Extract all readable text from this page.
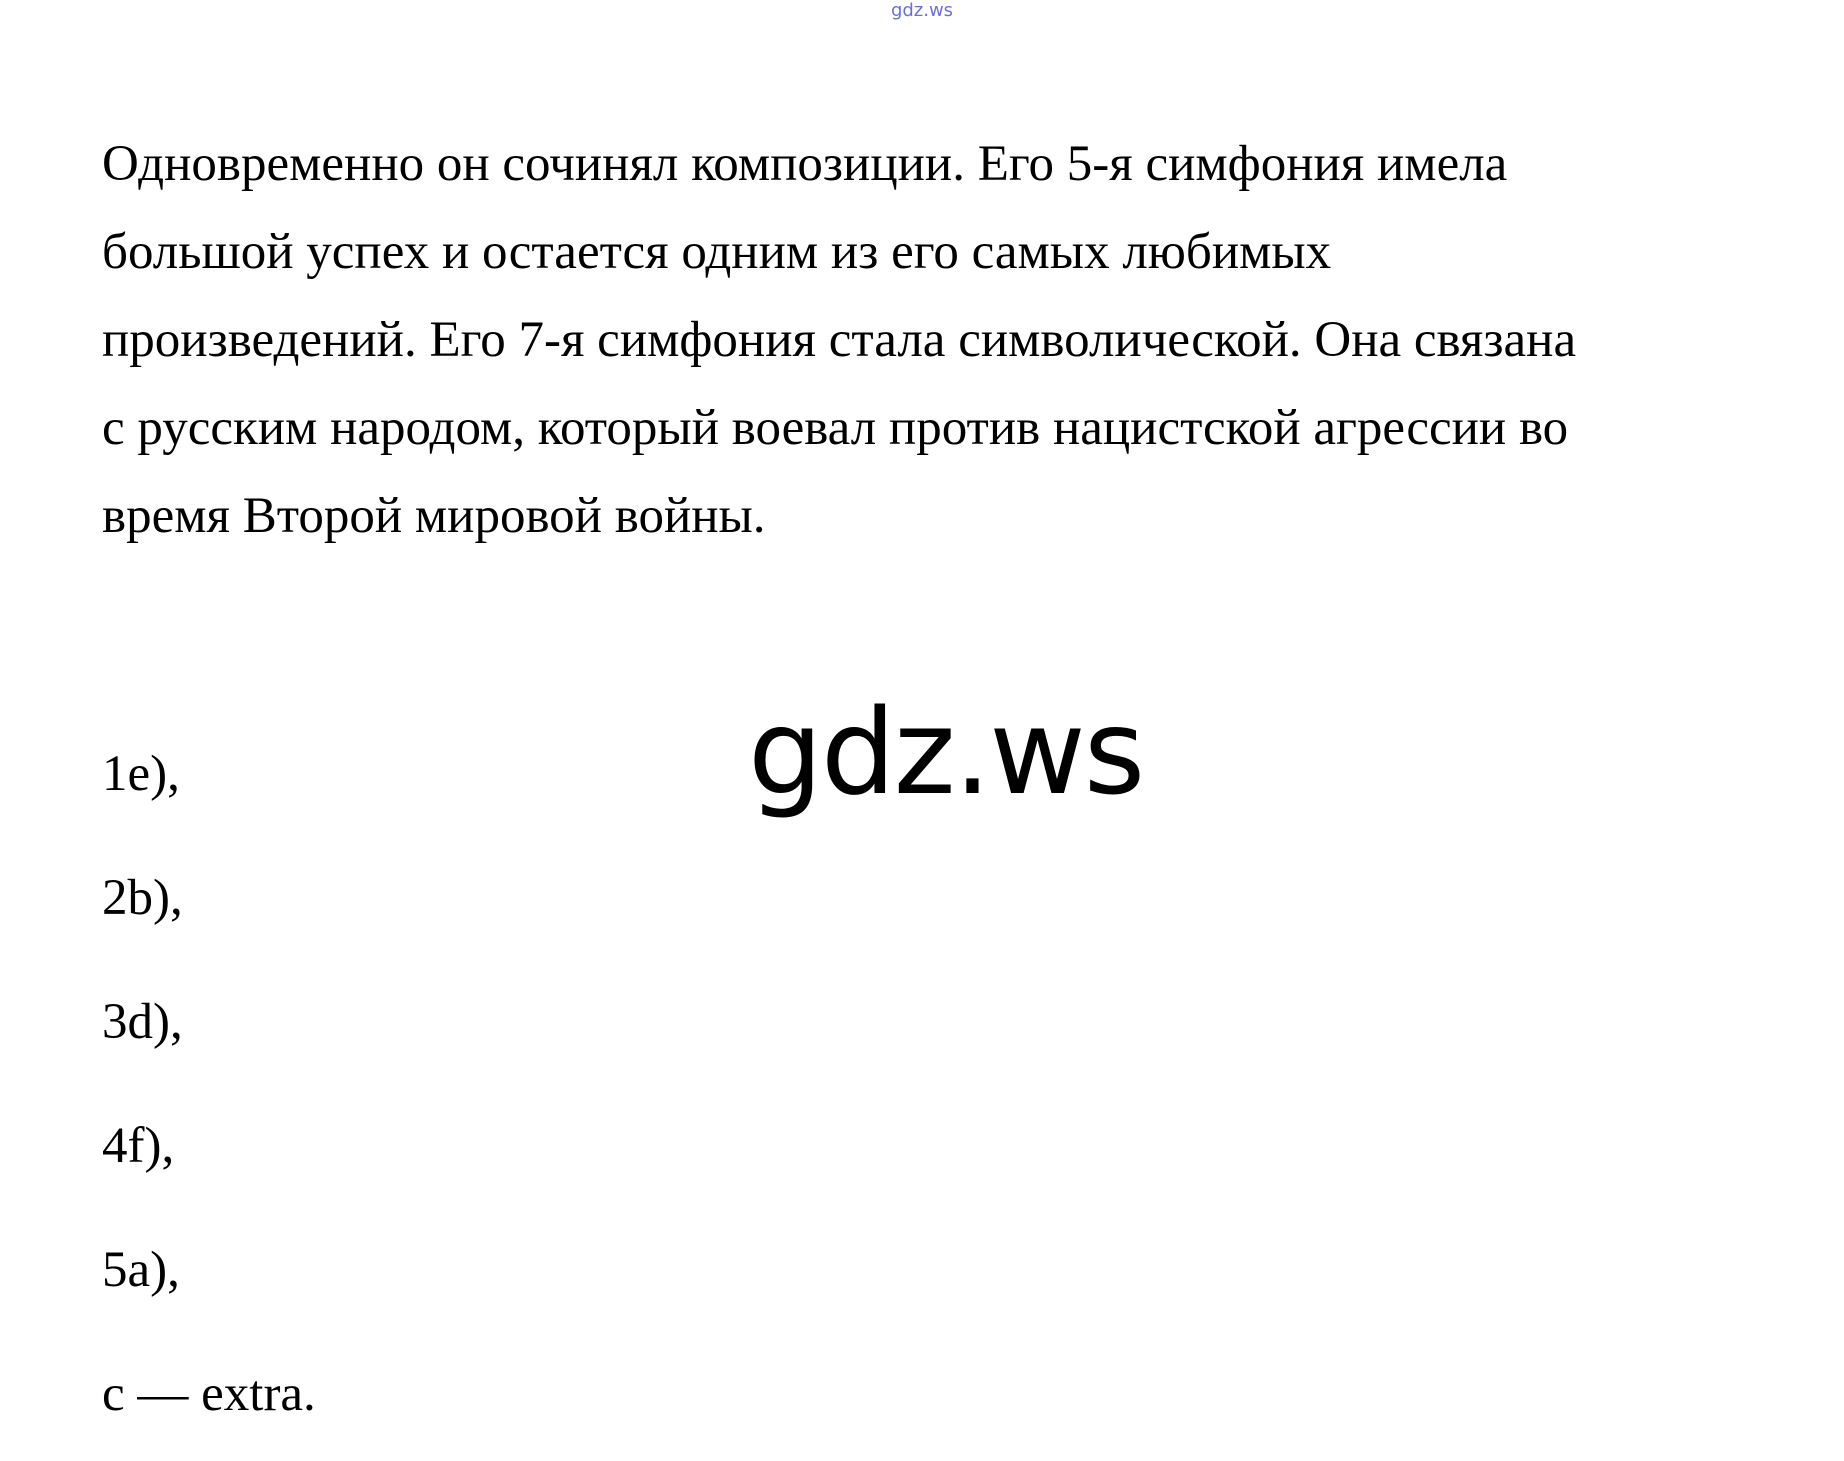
gdz.ws
Одновременно он сочинял композиции. Его 5-я симфония имела
большой успех и остается одним из его самых любимых
произведений. Его 7-я симфония стала символической. Она связана
с русским народом, который воевал против нацистской агрессии во
время Второй мировой войны.
gdz.ws
1e),
2b),
3d),
4f),
5a),
c — extra.
